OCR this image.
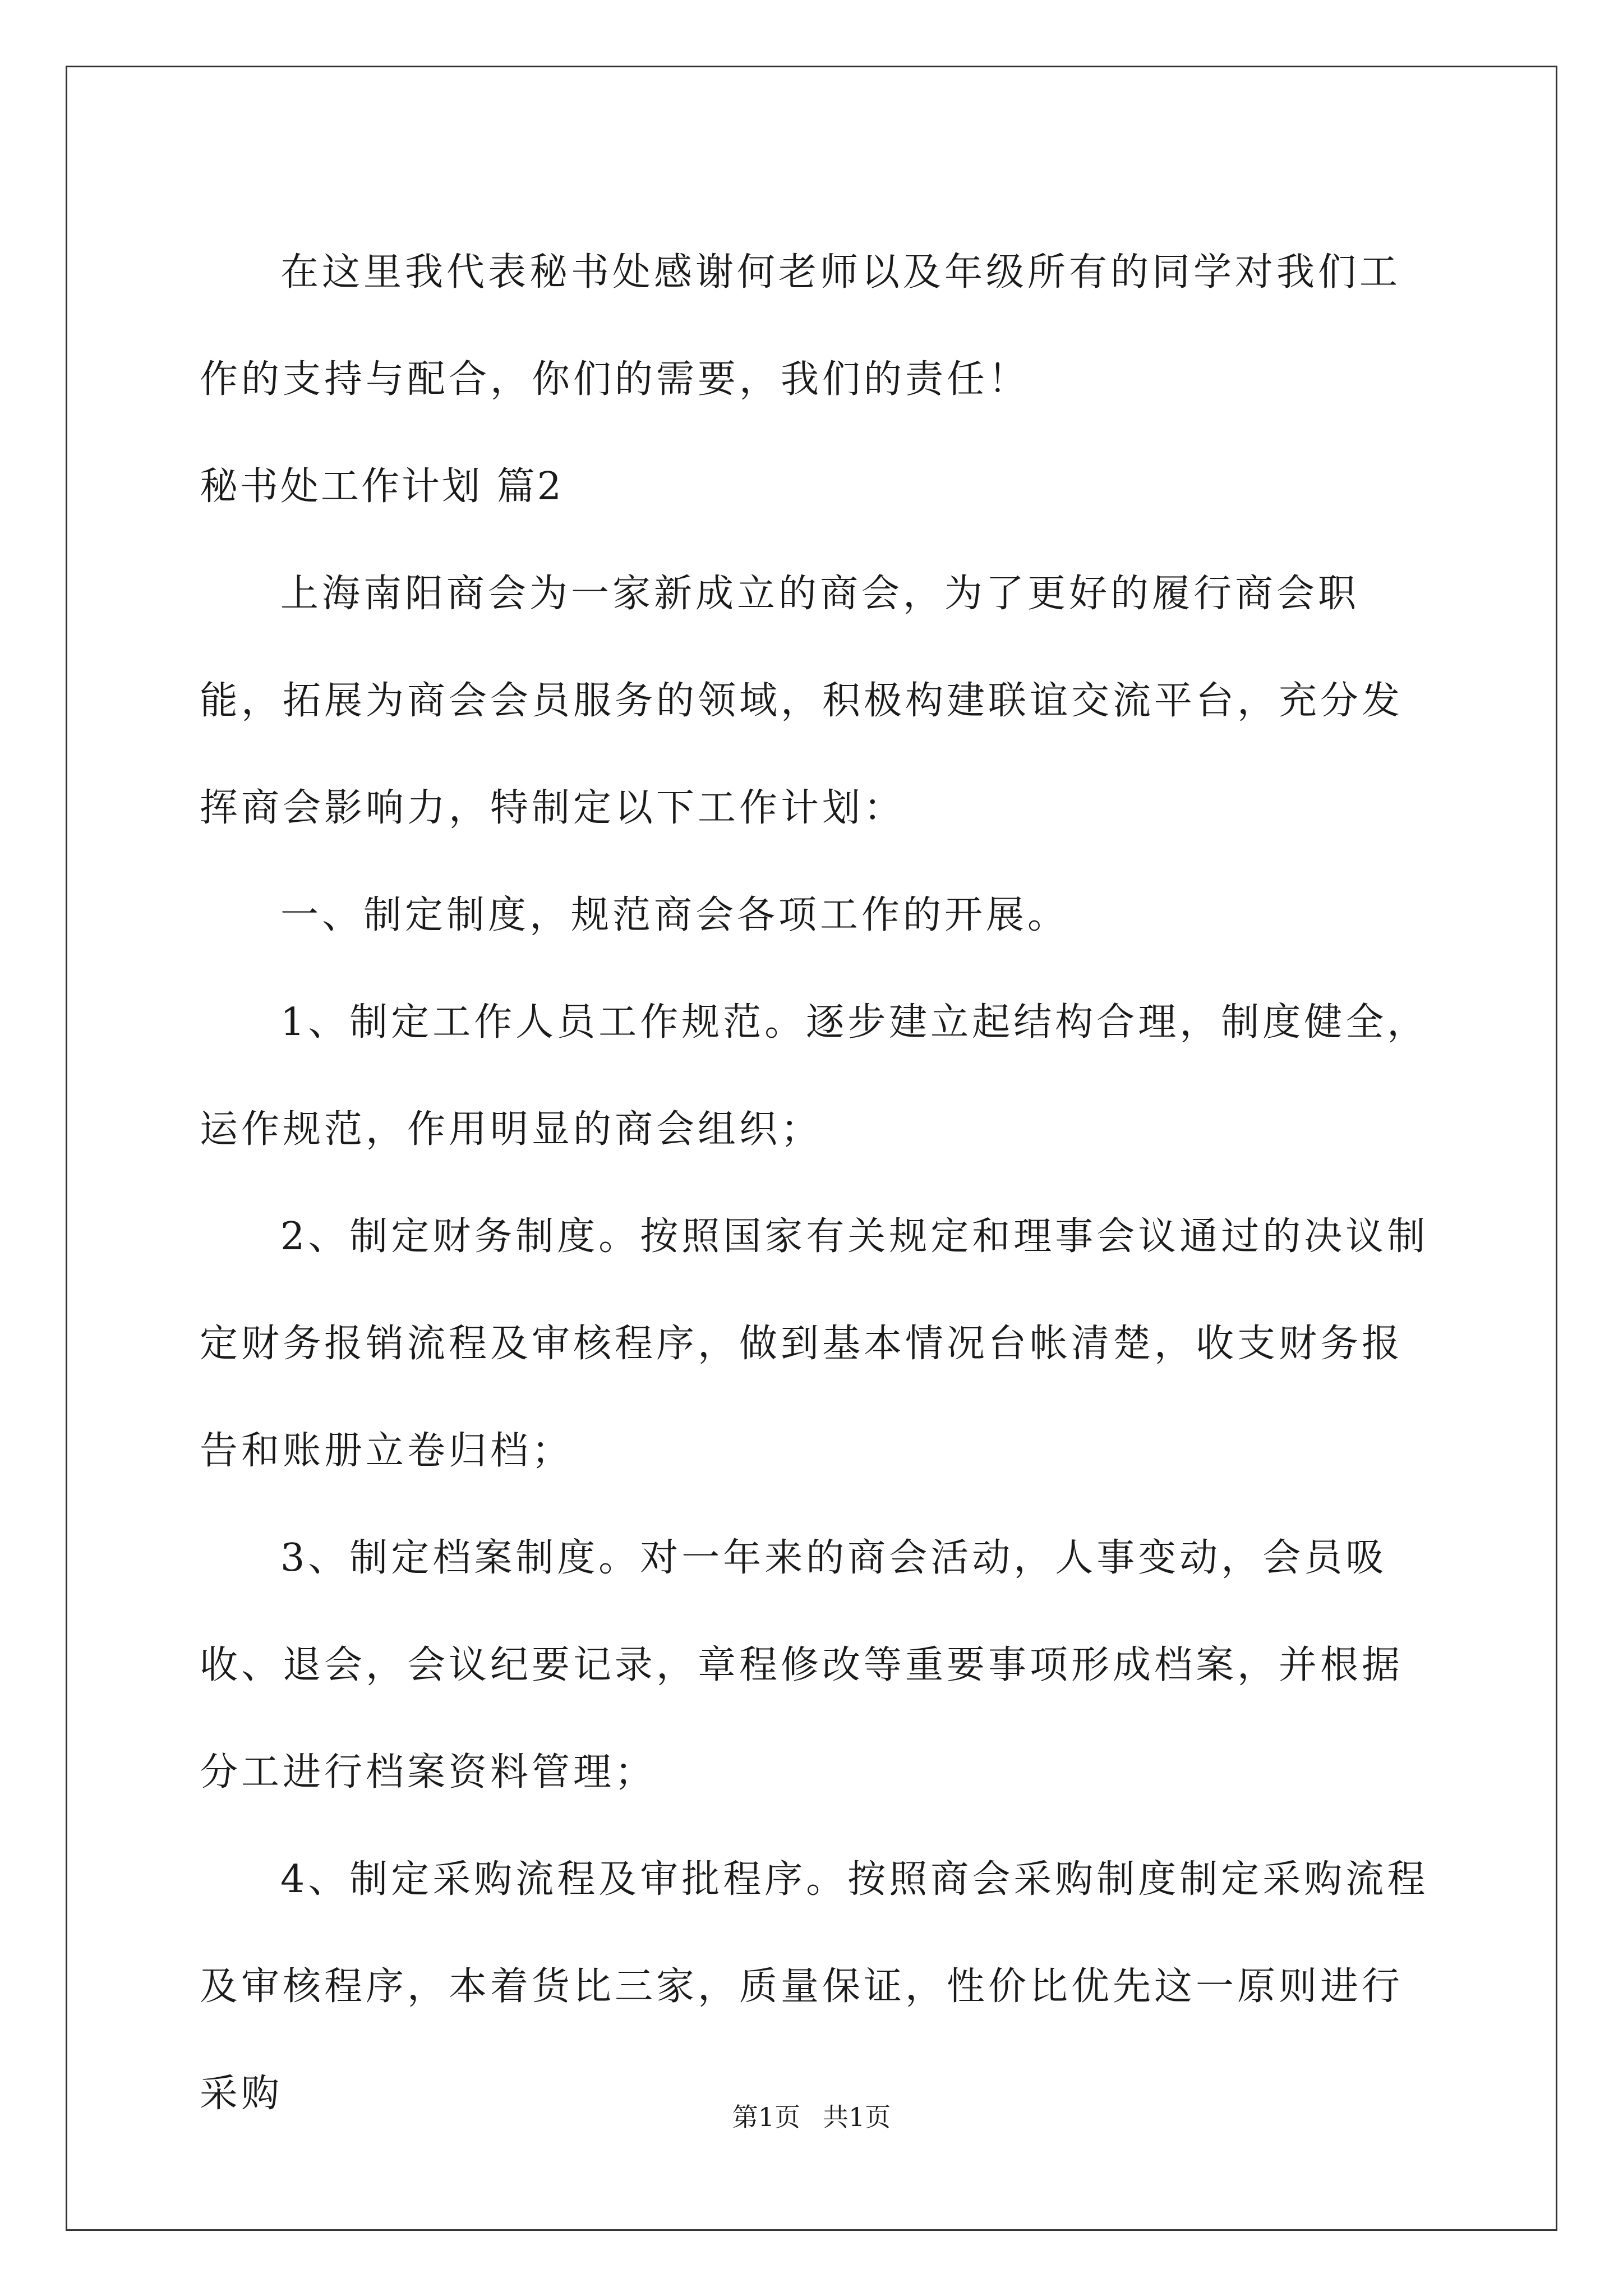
在这里我代表秘书处感谢何老师以及年级所有的同学对我们工作的支持与配合，你们的需要，我们的责任！

秘书处工作计划 篇2

上海南阳商会为一家新成立的商会，为了更好的履行商会职能，拓展为商会会员服务的领域，积极构建联谊交流平台，充分发挥商会影响力，特制定以下工作计划：

一、制定制度，规范商会各项工作的开展。

1、制定工作人员工作规范。逐步建立起结构合理，制度健全，运作规范，作用明显的商会组织；

2、制定财务制度。按照国家有关规定和理事会议通过的决议制定财务报销流程及审核程序，做到基本情况台帐清楚，收支财务报告和账册立卷归档；

3、制定档案制度。对一年来的商会活动，人事变动，会员吸收、退会，会议纪要记录，章程修改等重要事项形成档案，并根据分工进行档案资料管理；

4、制定采购流程及审批程序。按照商会采购制度制定采购流程及审核程序，本着货比三家，质量保证，性价比优先这一原则进行采购

第1页 共1页
